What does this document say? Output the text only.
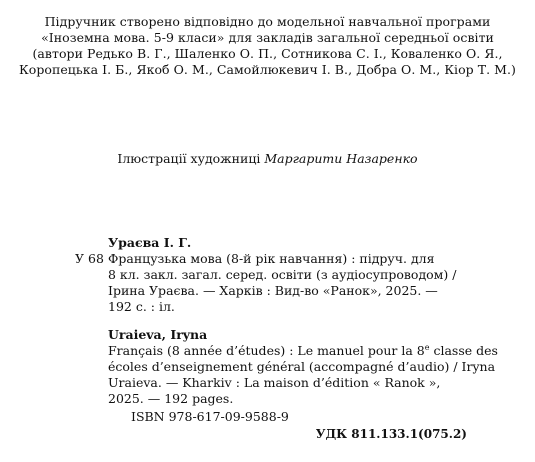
Підручник створено відповідно до модельної навчальної програми
«Іноземна мова. 5-9 класи» для закладів загальної середньої освіти
(автори Редько В. Г., Шаленко О. П., Сотникова С. І., Коваленко О. Я.,
Коропецька І. Б., Якоб О. М., Самойлюкевич І. В., Добра О. М., Кіор Т. М.)
Ілюстрації художниці Маргарити Назаренко
Ураєва І. Г.
У 68 Французька мова (8-й рік навчання) : підруч. для
8 кл. закл. загал. серед. освіти (з аудіосупроводом) /
Ірина Ураєва. — Харків : Вид-во «Ранок», 2025. —
192 с. : іл.
Uraieva, Iryna
Français (8 année d’études) : Le manuel pour la 8e classe des
écoles d’enseignement général (accompagné d’audio) / Iryna
Uraieva. — Kharkiv : La maison d’édition « Ranok »,
2025. — 192 pages.
ISBN 978-617-09-9588-9
УДК 811.133.1(075.2)
